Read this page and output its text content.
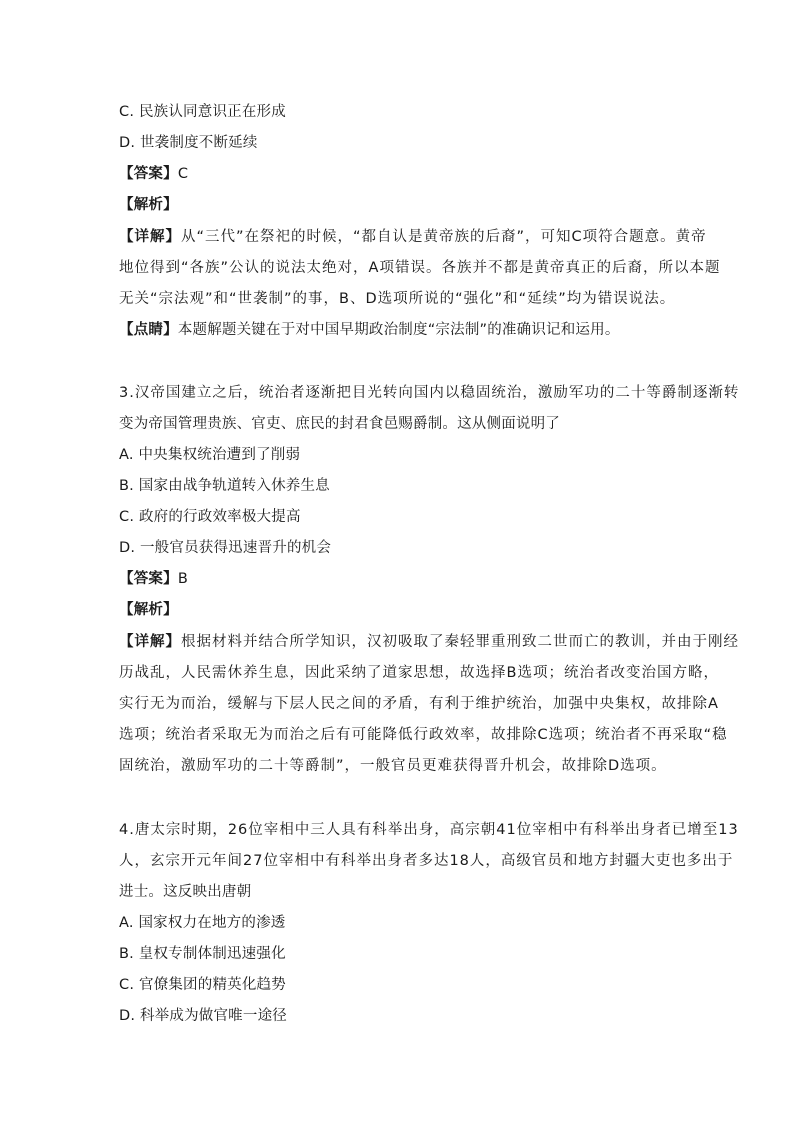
C. 民族认同意识正在形成
D. 世袭制度不断延续
【答案】C
【解析】
【详解】从“三代”在祭祀的时候，“都自认是黄帝族的后裔”，可知C项符合题意。黄帝
地位得到“各族”公认的说法太绝对，A项错误。各族并不都是黄帝真正的后裔，所以本题
无关“宗法观”和“世袭制”的事，B、D选项所说的“强化”和“延续”均为错误说法。
【点睛】本题解题关键在于对中国早期政治制度“宗法制”的准确识记和运用。
3.汉帝国建立之后，统治者逐渐把目光转向国内以稳固统治，激励军功的二十等爵制逐渐转
变为帝国管理贵族、官吏、庶民的封君食邑赐爵制。这从侧面说明了
A. 中央集权统治遭到了削弱
B. 国家由战争轨道转入休养生息
C. 政府的行政效率极大提高
D. 一般官员获得迅速晋升的机会
【答案】B
【解析】
【详解】根据材料并结合所学知识，汉初吸取了秦轻罪重刑致二世而亡的教训，并由于刚经
历战乱，人民需休养生息，因此采纳了道家思想，故选择B选项；统治者改变治国方略，
实行无为而治，缓解与下层人民之间的矛盾，有利于维护统治，加强中央集权，故排除A
选项；统治者采取无为而治之后有可能降低行政效率，故排除C选项；统治者不再采取“稳
固统治，激励军功的二十等爵制”，一般官员更难获得晋升机会，故排除D选项。
4.唐太宗时期，26位宰相中三人具有科举出身，高宗朝41位宰相中有科举出身者已增至13
人，玄宗开元年间27位宰相中有科举出身者多达18人，高级官员和地方封疆大吏也多出于
进士。这反映出唐朝
A. 国家权力在地方的渗透
B. 皇权专制体制迅速强化
C. 官僚集团的精英化趋势
D. 科举成为做官唯一途径
